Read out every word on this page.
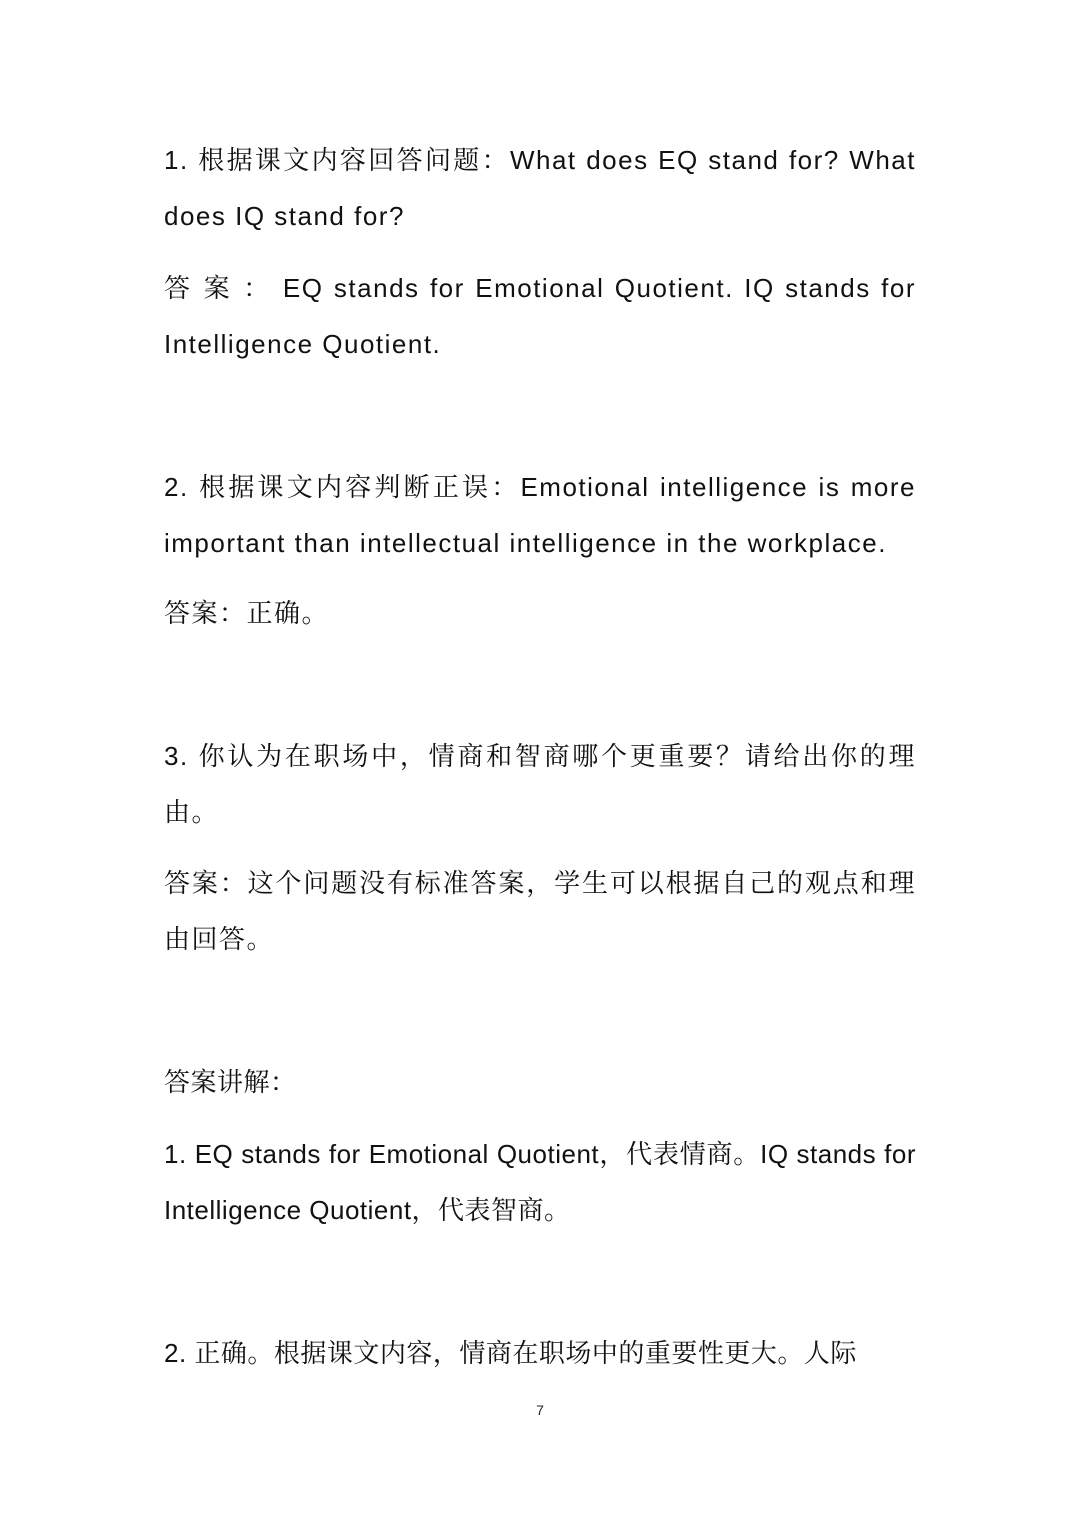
1. 根据课文内容回答问题：What does EQ stand for? What does IQ stand for?
答 案 ： EQ stands for Emotional Quotient. IQ stands for Intelligence Quotient.
2. 根据课文内容判断正误：Emotional intelligence is more important than intellectual intelligence in the workplace.
答案：正确。
3. 你认为在职场中，情商和智商哪个更重要？请给出你的理由。
答案：这个问题没有标准答案，学生可以根据自己的观点和理由回答。
答案讲解：
1. EQ stands for Emotional Quotient，代表情商。IQ stands for Intelligence Quotient，代表智商。
2. 正确。根据课文内容，情商在职场中的重要性更大。人际
7
